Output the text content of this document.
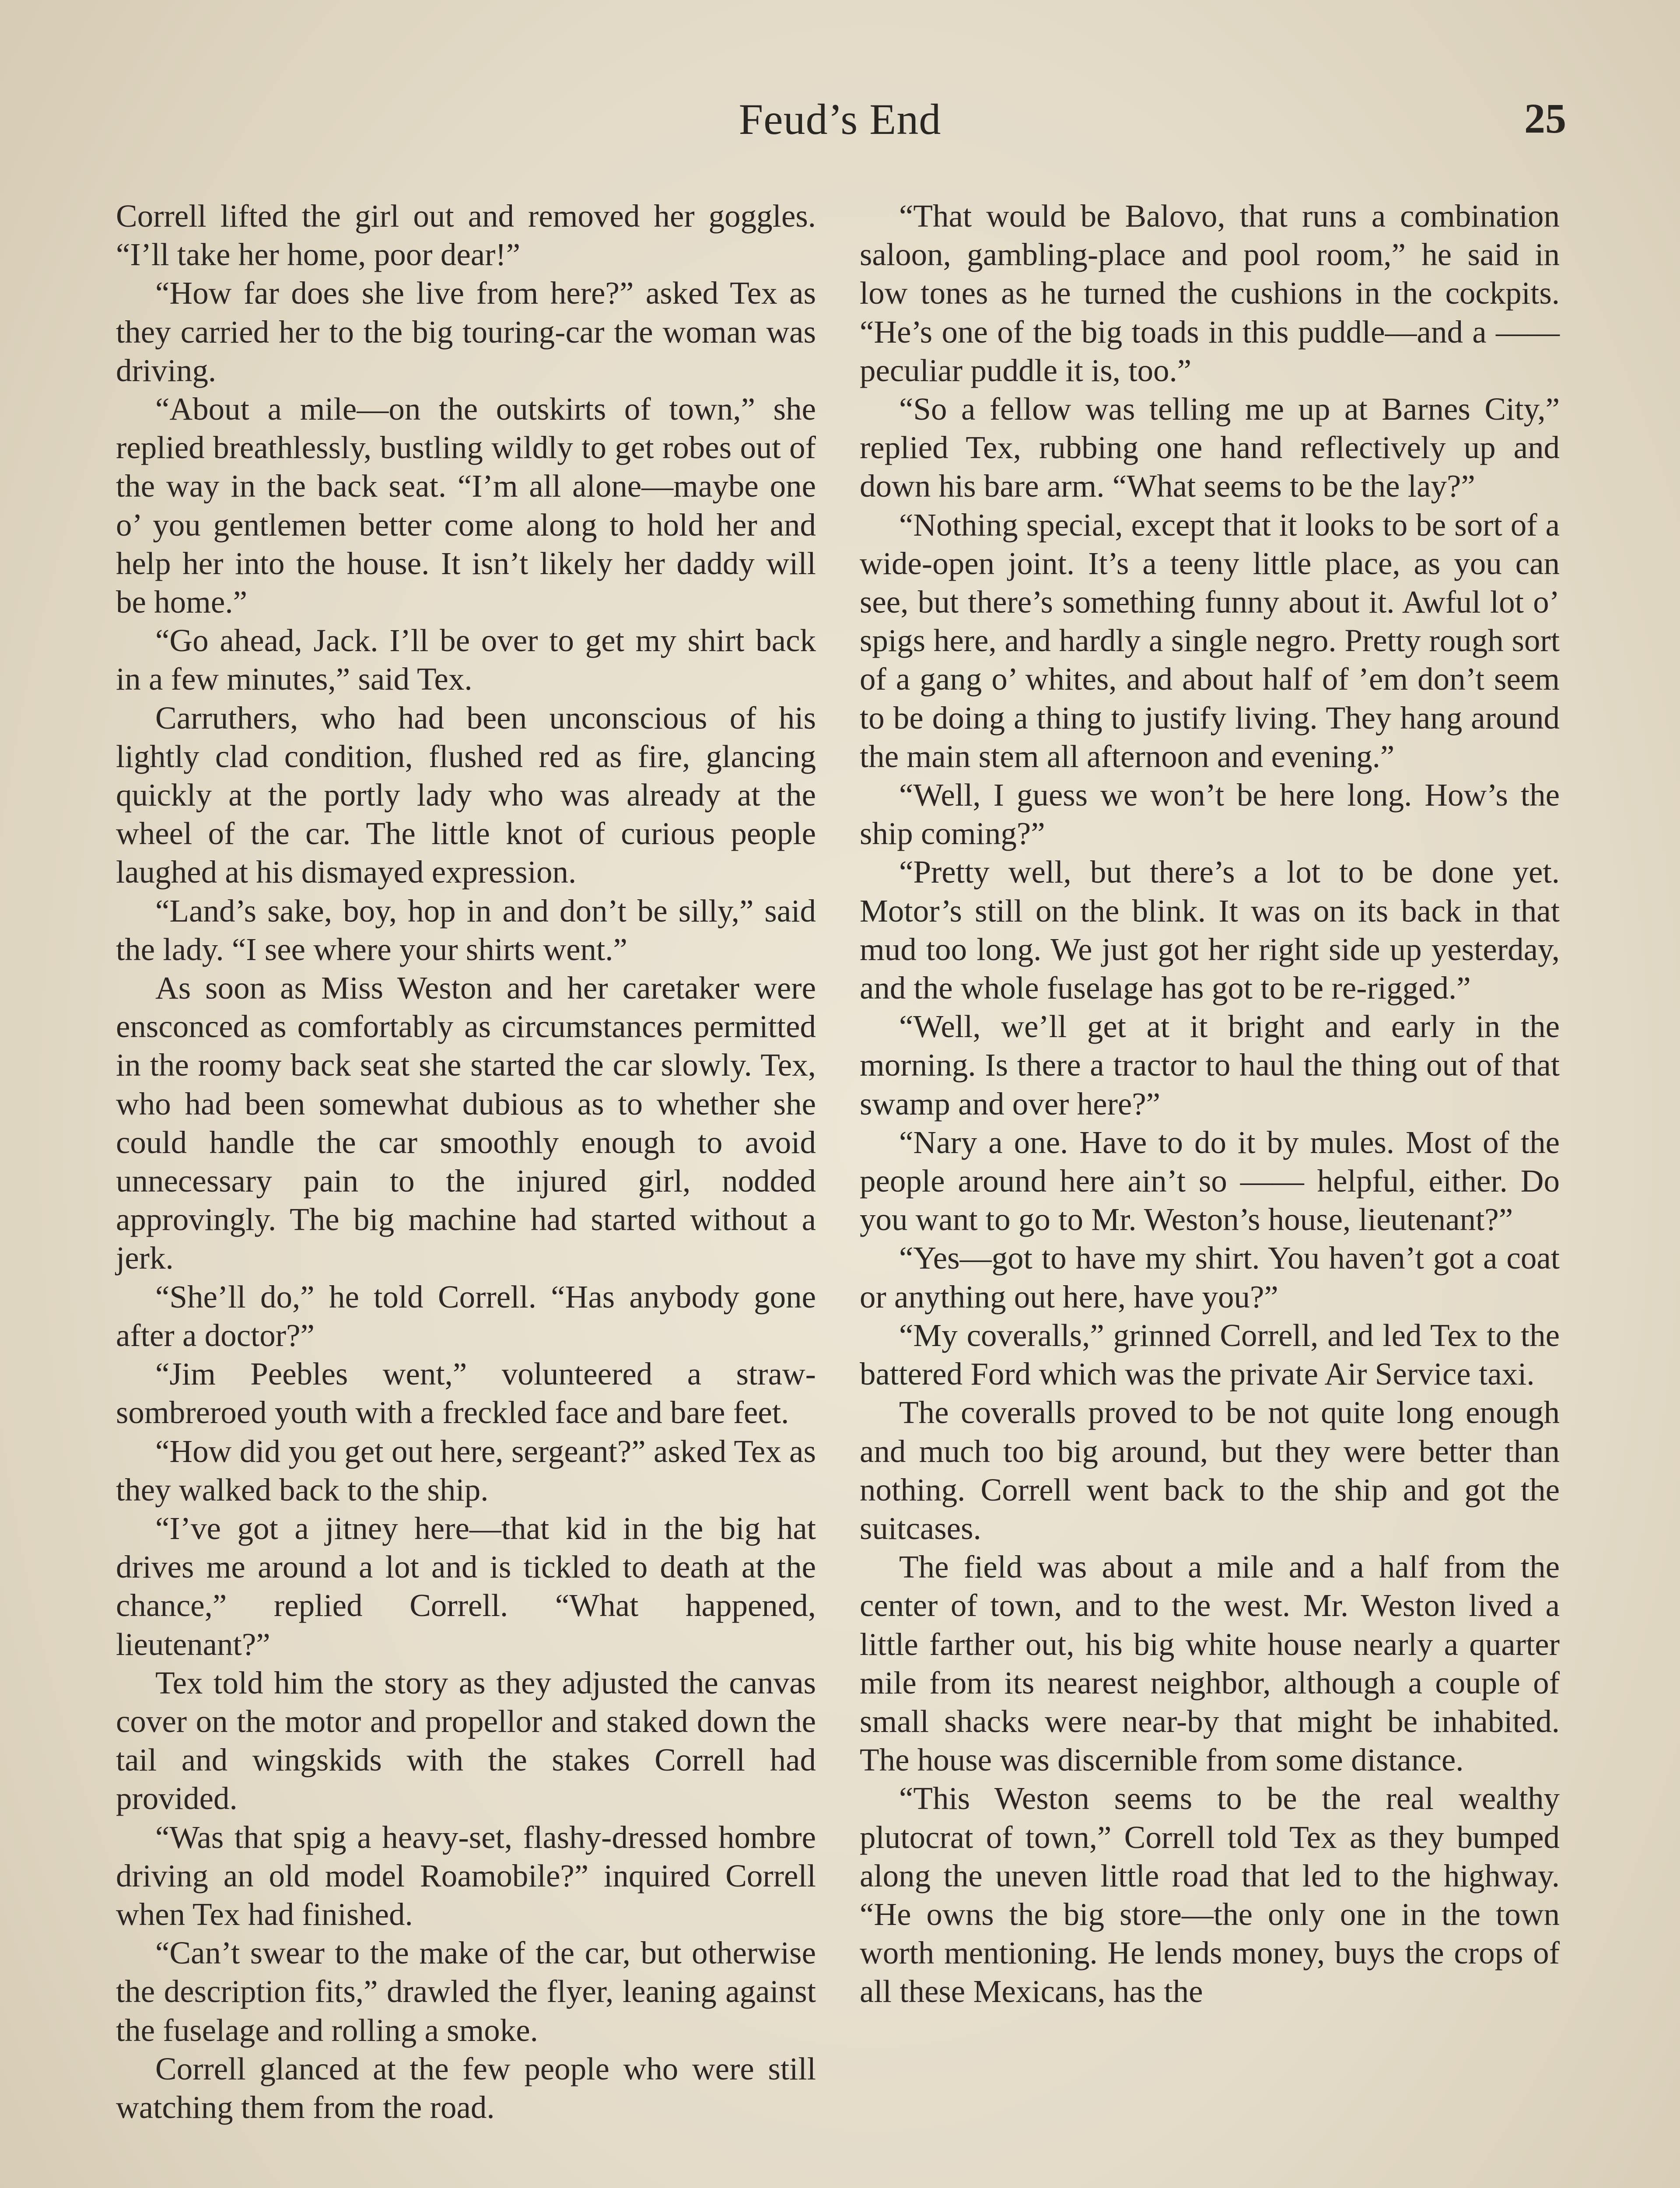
Feud’s End	25

Correll lifted the girl out and removed her goggles. “I’ll take her home, poor dear!”

“How far does she live from here?” asked Tex as they carried her to the big touring-car the woman was driving.

“About a mile—on the outskirts of town,” she replied breathlessly, bustling wildly to get robes out of the way in the back seat. “I’m all alone—maybe one o’ you gentlemen better come along to hold her and help her into the house. It isn’t likely her daddy will be home.”

“Go ahead, Jack. I’ll be over to get my shirt back in a few minutes,” said Tex.

Carruthers, who had been unconscious of his lightly clad condition, flushed red as fire, glancing quickly at the portly lady who was already at the wheel of the car. The little knot of curious people laughed at his dismayed expression.

“Land’s sake, boy, hop in and don’t be silly,” said the lady. “I see where your shirts went.”

As soon as Miss Weston and her caretaker were ensconced as comfortably as circumstances permitted in the roomy back seat she started the car slowly. Tex, who had been somewhat dubious as to whether she could handle the car smoothly enough to avoid unnecessary pain to the injured girl, nodded approvingly. The big machine had started without a jerk.

“She’ll do,” he told Correll. “Has anybody gone after a doctor?”

“Jim Peebles went,” volunteered a straw-sombreroed youth with a freckled face and bare feet.

“How did you get out here, sergeant?” asked Tex as they walked back to the ship.

“I’ve got a jitney here—that kid in the big hat drives me around a lot and is tickled to death at the chance,” replied Correll. “What happened, lieutenant?”

Tex told him the story as they adjusted the canvas cover on the motor and propellor and staked down the tail and wingskids with the stakes Correll had provided.

“Was that spig a heavy-set, flashy-dressed hombre driving an old model Roamobile?” inquired Correll when Tex had finished.

“Can’t swear to the make of the car, but otherwise the description fits,” drawled the flyer, leaning against the fuselage and rolling a smoke.

Correll glanced at the few people who were still watching them from the road.

“That would be Balovo, that runs a combination saloon, gambling-place and pool room,” he said in low tones as he turned the cushions in the cockpits. “He’s one of the big toads in this puddle—and a —— peculiar puddle it is, too.”

“So a fellow was telling me up at Barnes City,” replied Tex, rubbing one hand reflectively up and down his bare arm. “What seems to be the lay?”

“Nothing special, except that it looks to be sort of a wide-open joint. It’s a teeny little place, as you can see, but there’s something funny about it. Awful lot o’ spigs here, and hardly a single negro. Pretty rough sort of a gang o’ whites, and about half of ’em don’t seem to be doing a thing to justify living. They hang around the main stem all afternoon and evening.”

“Well, I guess we won’t be here long. How’s the ship coming?”

“Pretty well, but there’s a lot to be done yet. Motor’s still on the blink. It was on its back in that mud too long. We just got her right side up yesterday, and the whole fuselage has got to be re-rigged.”

“Well, we’ll get at it bright and early in the morning. Is there a tractor to haul the thing out of that swamp and over here?”

“Nary a one. Have to do it by mules. Most of the people around here ain’t so —— helpful, either. Do you want to go to Mr. Weston’s house, lieutenant?”

“Yes—got to have my shirt. You haven’t got a coat or anything out here, have you?”

“My coveralls,” grinned Correll, and led Tex to the battered Ford which was the private Air Service taxi.

The coveralls proved to be not quite long enough and much too big around, but they were better than nothing. Correll went back to the ship and got the suitcases.

The field was about a mile and a half from the center of town, and to the west. Mr. Weston lived a little farther out, his big white house nearly a quarter mile from its nearest neighbor, although a couple of small shacks were near-by that might be inhabited. The house was discernible from some distance.

“This Weston seems to be the real wealthy plutocrat of town,” Correll told Tex as they bumped along the uneven little road that led to the highway. “He owns the big store—the only one in the town worth mentioning. He lends money, buys the crops of all these Mexicans, has the
